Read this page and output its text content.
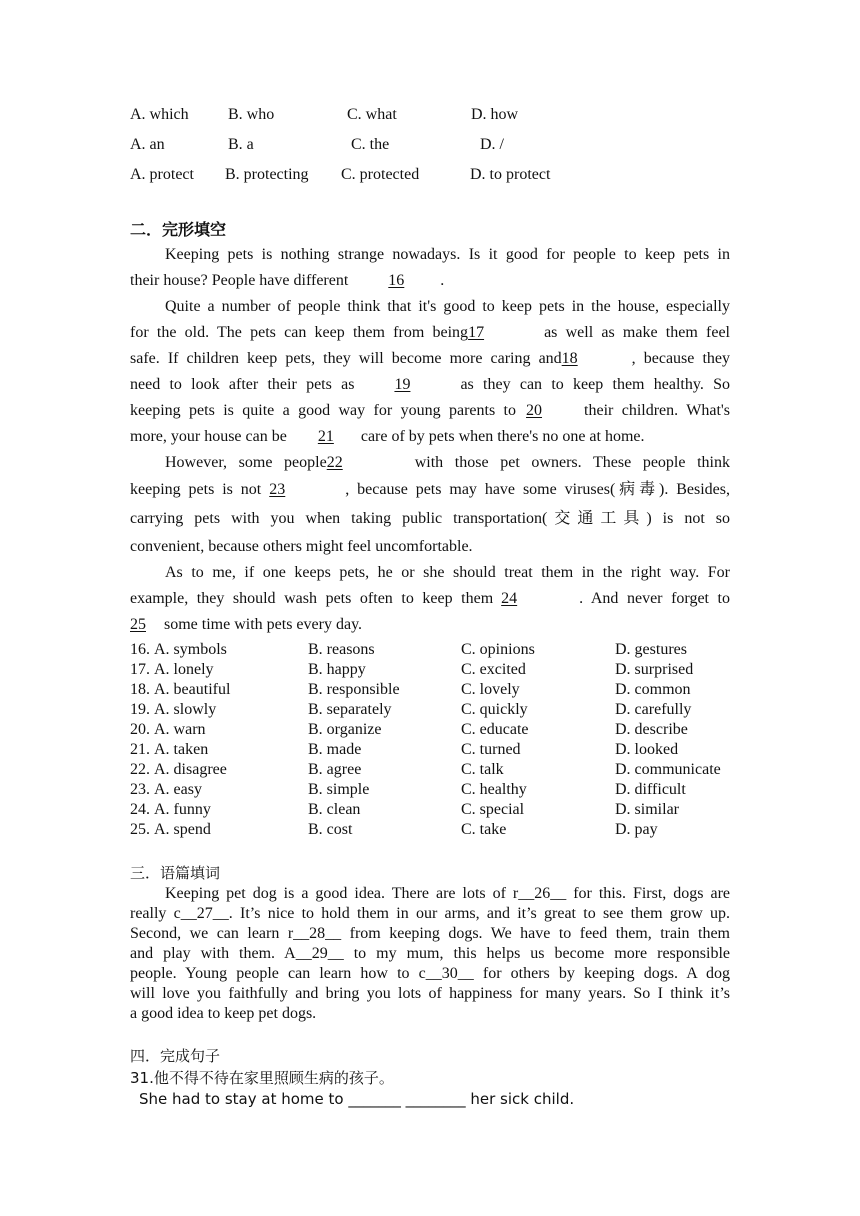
A. which B. who	C. what	D. how
A. an	B. a	C. the	D. /
A. protect B. protecting C. protected	D. to protect
二．完形填空
Keeping pets is nothing strange nowadays. Is it good for people to keep pets in
their house? People have different	16 .
Quite a number of people think that it's good to keep pets in the house, especially
for the old. The pets can keep them from being17	as well as make them feel
safe. If children keep pets, they will become more caring and18	, because they
need to look after their pets as	19	as they can to keep them healthy. So
keeping pets is quite a good way for young parents to 20	their children. What's
more, your house can be 21 care of by pets when there's no one at home.
However, some people22	with those pet owners. These people think
keeping pets is not 23	, because pets may have some viruses(病毒). Besides,
carrying pets with you when taking public transportation(交通工具) is not so
convenient, because others might feel uncomfortable.
As to me, if one keeps pets, he or she should treat them in the right way. For
example, they should wash pets often to keep them 24	. And never forget to
25 some time with pets every day.
16. A. symbols	B. reasons	C. opinions	D. gestures
17. A. lonely	B. happy	C. excited	D. surprised
18. A. beautiful	B. responsible	C. lovely	D. common
19. A. slowly	B. separately	C. quickly	D. carefully
20. A. warn	B. organize	C. educate	D. describe
21. A. taken	B. made	C. turned	D. looked
22. A. disagree	B. agree	C. talk	D. communicate
23. A. easy	B. simple	C. healthy	D. difficult
24. A. funny	B. clean	C. special	D. similar
25. A. spend	B. cost	C. take	D. pay
三．语篇填词
Keeping pet dog is a good idea. There are lots of r__26__ for this. First, dogs are
really c__27__. It’s nice to hold them in our arms, and it’s great to see them grow up.
Second, we can learn r__28__ from keeping dogs. We have to feed them, train them
and play with them. A__29__ to my mum, this helps us become more responsible
people. Young people can learn how to c__30__ for others by keeping dogs. A dog
will love you faithfully and bring you lots of happiness for many years. So I think it’s
a good idea to keep pet dogs.
四．完成句子
31.他不得不待在家里照顾生病的孩子。
She had to stay at home to _______ ________ her sick child.
